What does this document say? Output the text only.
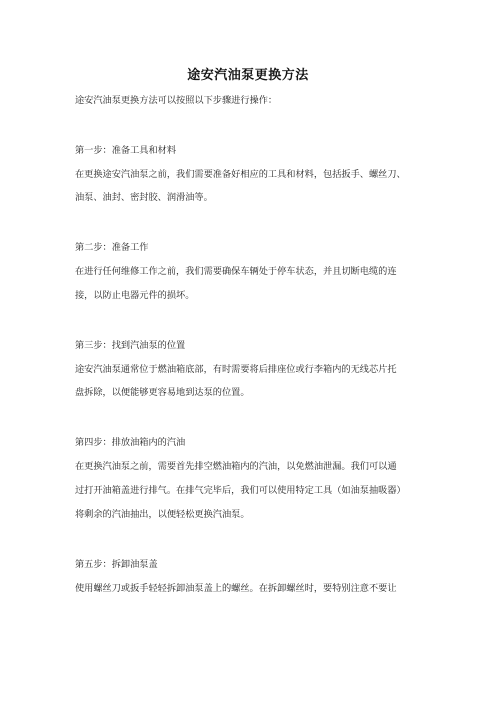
途安汽油泵更换方法
途安汽油泵更换方法可以按照以下步骤进行操作：
第一步：准备工具和材料
在更换途安汽油泵之前，我们需要准备好相应的工具和材料，包括扳手、螺丝刀、
油泵、油封、密封胶、润滑油等。
第二步：准备工作
在进行任何维修工作之前，我们需要确保车辆处于停车状态，并且切断电缆的连
接，以防止电器元件的损坏。
第三步：找到汽油泵的位置
途安汽油泵通常位于燃油箱底部，有时需要将后排座位或行李箱内的无线芯片托
盘拆除，以便能够更容易地到达泵的位置。
第四步：排放油箱内的汽油
在更换汽油泵之前，需要首先排空燃油箱内的汽油，以免燃油泄漏。我们可以通
过打开油箱盖进行排气。在排气完毕后，我们可以使用特定工具（如油泵抽吸器）
将剩余的汽油抽出，以便轻松更换汽油泵。
第五步：拆卸油泵盖
使用螺丝刀或扳手轻轻拆卸油泵盖上的螺丝。在拆卸螺丝时，要特别注意不要让
